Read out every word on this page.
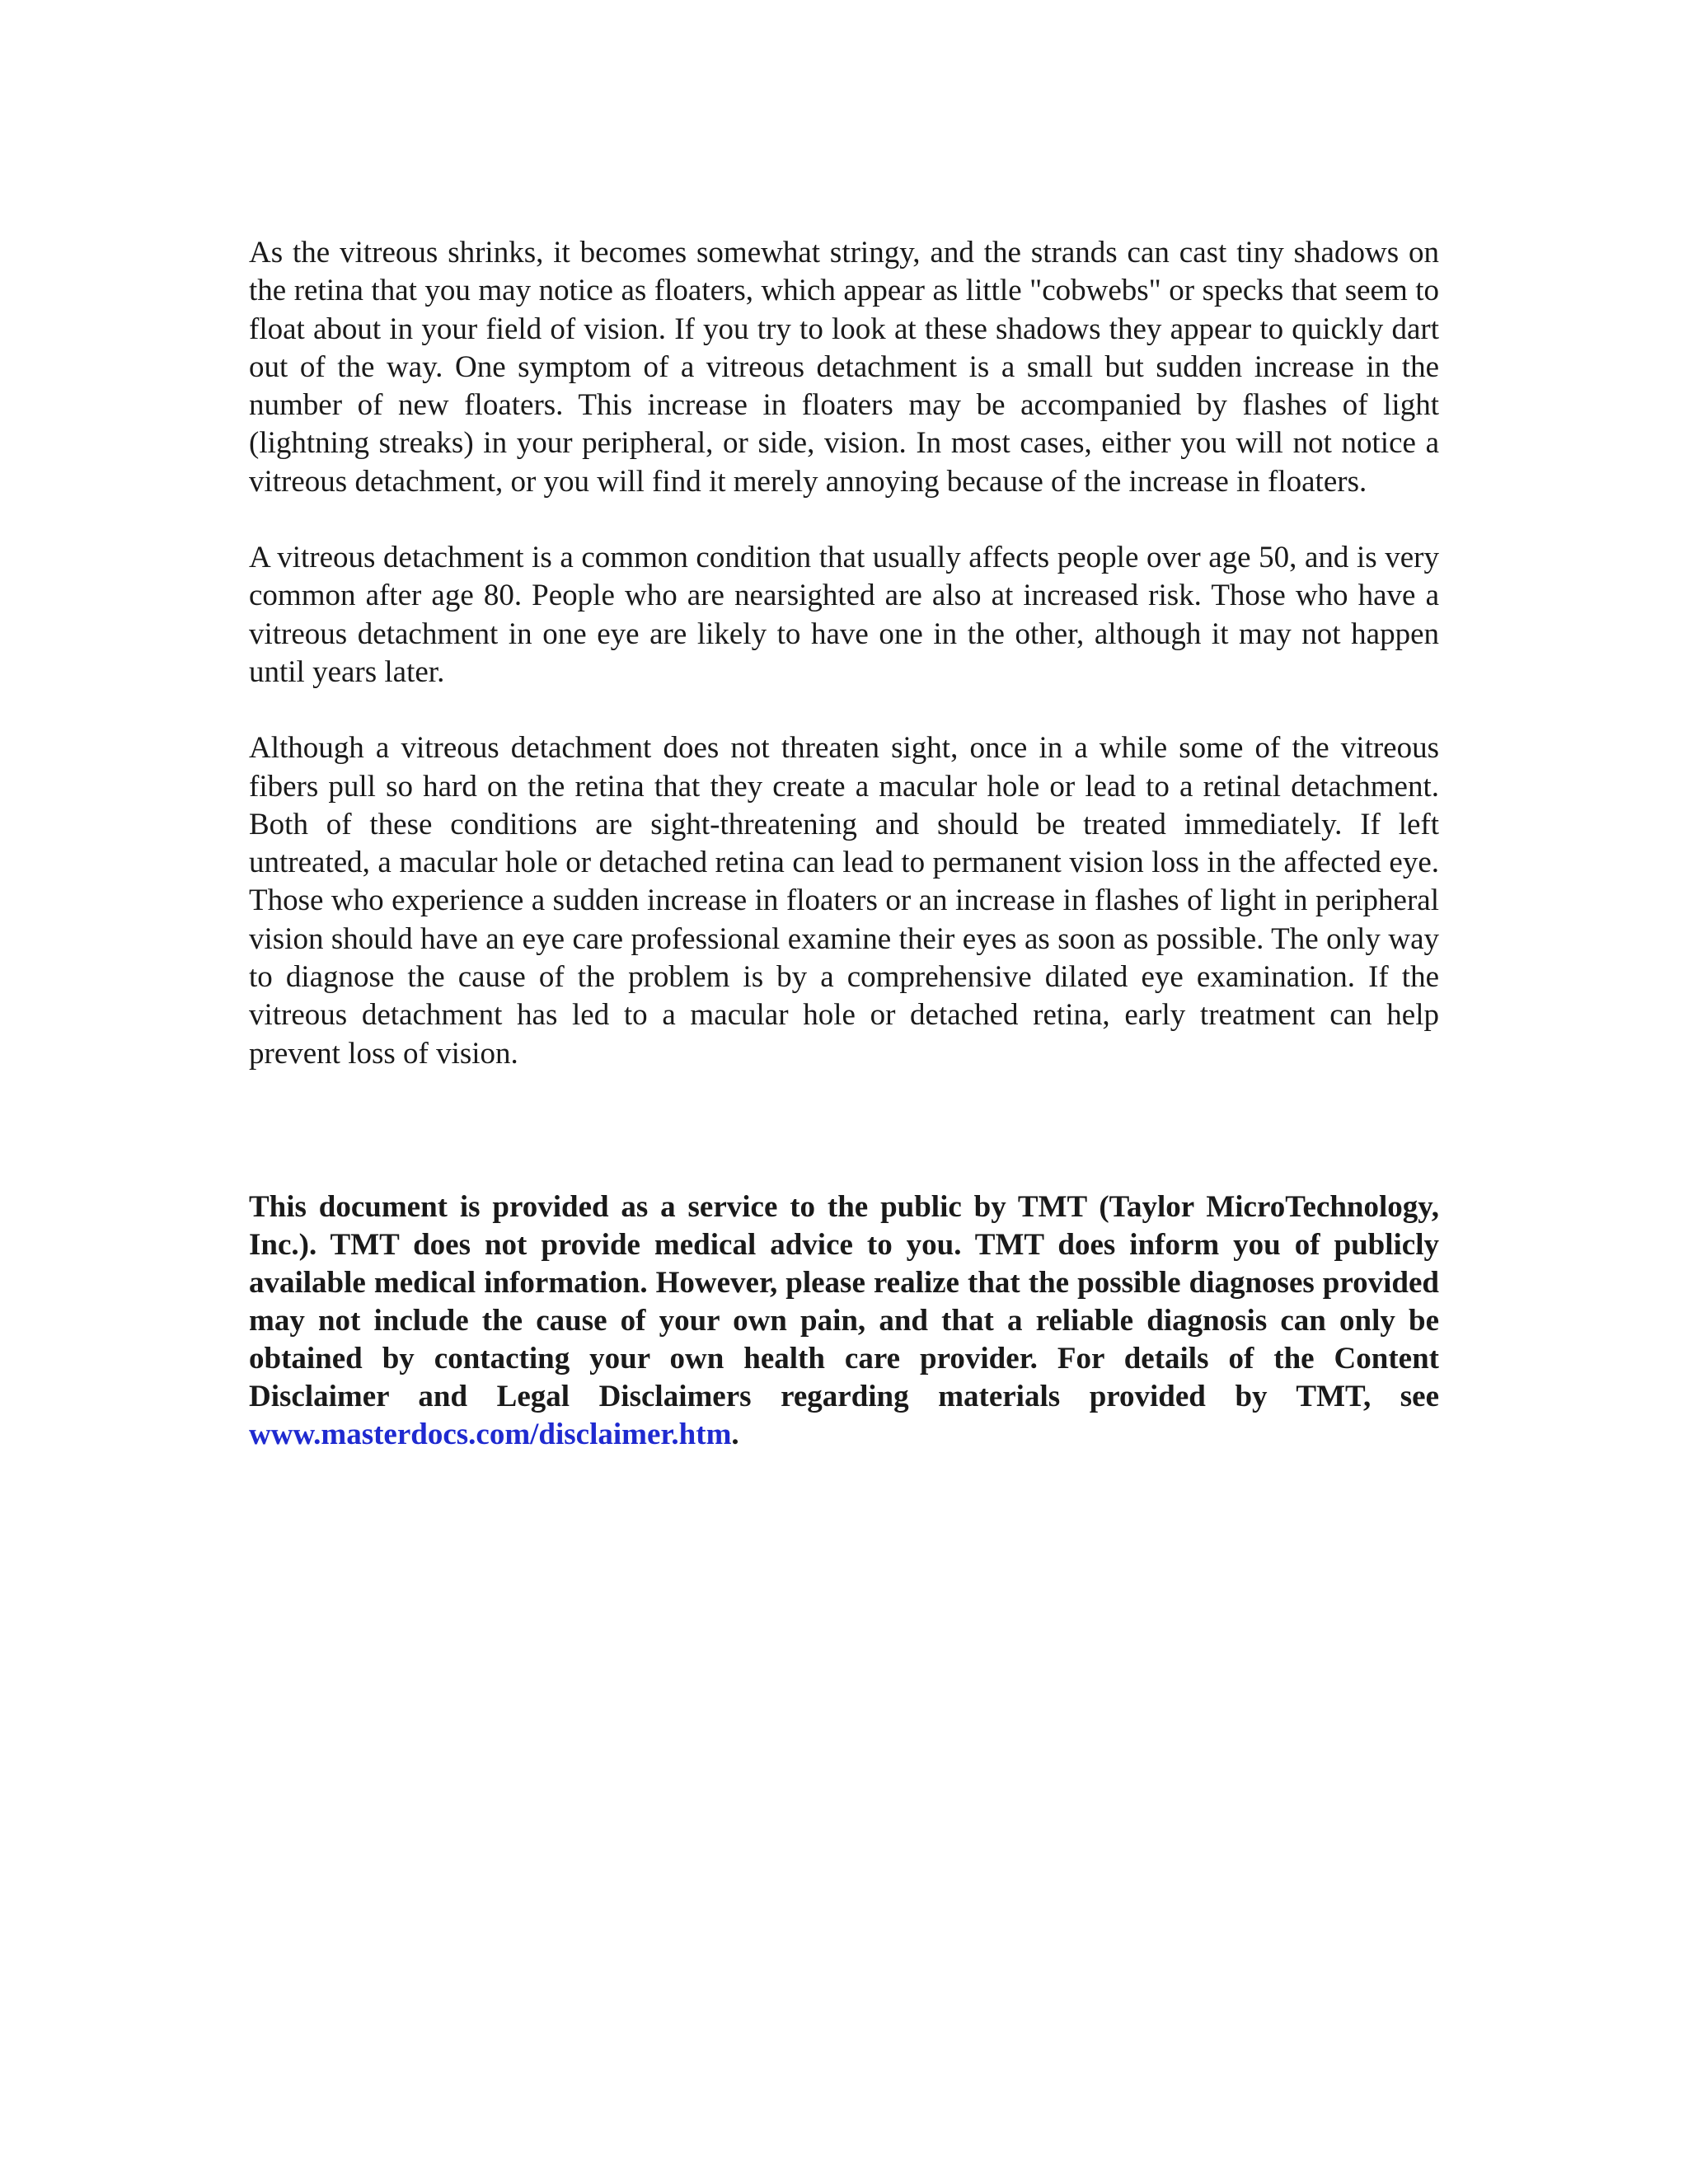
As the vitreous shrinks, it becomes somewhat stringy, and the strands can cast tiny shadows on the retina that you may notice as floaters, which appear as little "cobwebs" or specks that seem to float about in your field of vision. If you try to look at these shadows they appear to quickly dart out of the way. One symptom of a vitreous detachment is a small but sudden increase in the number of new floaters. This increase in floaters may be accompanied by flashes of light (lightning streaks) in your peripheral, or side, vision. In most cases, either you will not notice a vitreous detachment, or you will find it merely annoying because of the increase in floaters.

A vitreous detachment is a common condition that usually affects people over age 50, and is very common after age 80. People who are nearsighted are also at increased risk. Those who have a vitreous detachment in one eye are likely to have one in the other, although it may not happen until years later.

Although a vitreous detachment does not threaten sight, once in a while some of the vitreous fibers pull so hard on the retina that they create a macular hole or lead to a retinal detachment. Both of these conditions are sight-threatening and should be treated immediately. If left untreated, a macular hole or detached retina can lead to permanent vision loss in the affected eye. Those who experience a sudden increase in floaters or an increase in flashes of light in peripheral vision should have an eye care professional examine their eyes as soon as possible. The only way to diagnose the cause of the problem is by a comprehensive dilated eye examination. If the vitreous detachment has led to a macular hole or detached retina, early treatment can help prevent loss of vision.

This document is provided as a service to the public by TMT (Taylor MicroTechnology, Inc.). TMT does not provide medical advice to you. TMT does inform you of publicly available medical information. However, please realize that the possible diagnoses provided may not include the cause of your own pain, and that a reliable diagnosis can only be obtained by contacting your own health care provider. For details of the Content Disclaimer and Legal Disclaimers regarding materials provided by TMT, see www.masterdocs.com/disclaimer.htm.
